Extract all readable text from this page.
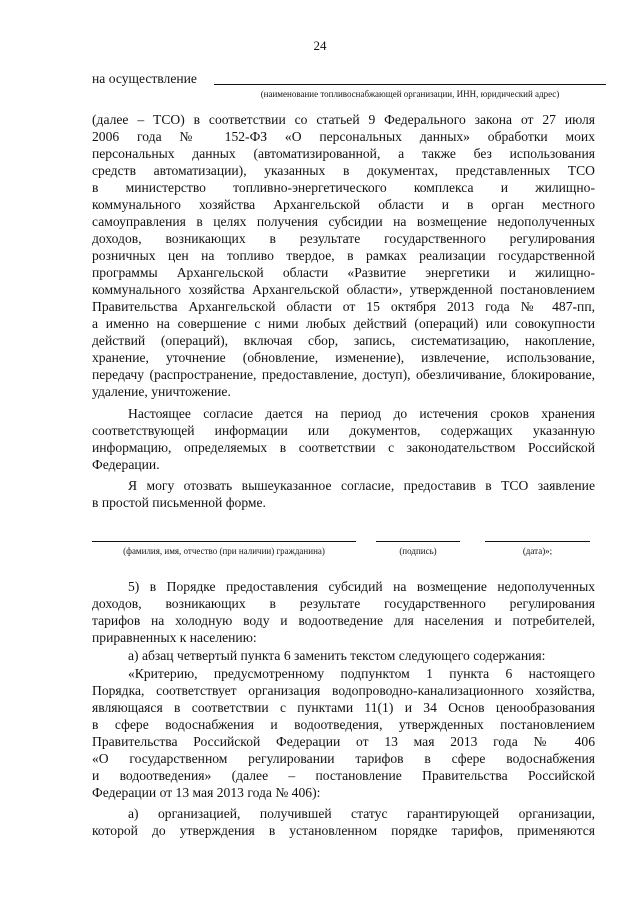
24
на осуществление
(наименование топливоснабжающей организации, ИНН, юридический адрес)
(далее – ТСО) в соответствии со статьей 9 Федерального закона от 27 июля
2006 года № 152-ФЗ «О персональных данных» обработки моих
персональных данных (автоматизированной, а также без использования
средств автоматизации), указанных в документах, представленных ТСО
в министерство топливно-энергетического комплекса и жилищно-
коммунального хозяйства Архангельской области и в орган местного
самоуправления в целях получения субсидии на возмещение недополученных
доходов, возникающих в результате государственного регулирования
розничных цен на топливо твердое, в рамках реализации государственной
программы Архангельской области «Развитие энергетики и жилищно-
коммунального хозяйства Архангельской области», утвержденной постановлением
Правительства Архангельской области от 15 октября 2013 года № 487-пп,
а именно на совершение с ними любых действий (операций) или совокупности
действий (операций), включая сбор, запись, систематизацию, накопление,
хранение, уточнение (обновление, изменение), извлечение, использование,
передачу (распространение, предоставление, доступ), обезличивание, блокирование,
удаление, уничтожение.
Настоящее согласие дается на период до истечения сроков хранения
соответствующей информации или документов, содержащих указанную
информацию, определяемых в соответствии с законодательством Российской
Федерации.
Я могу отозвать вышеуказанное согласие, предоставив в ТСО заявление
в простой письменной форме.
(фамилия, имя, отчество (при наличии) гражданина)	(подпись)	(дата)»;
5) в Порядке предоставления субсидий на возмещение недополученных
доходов, возникающих в результате государственного регулирования
тарифов на холодную воду и водоотведение для населения и потребителей,
приравненных к населению:
а) абзац четвертый пункта 6 заменить текстом следующего содержания:
«Критерию, предусмотренному подпунктом 1 пункта 6 настоящего
Порядка, соответствует организация водопроводно-канализационного хозяйства,
являющаяся в соответствии с пунктами 11(1) и 34 Основ ценообразования
в сфере водоснабжения и водоотведения, утвержденных постановлением
Правительства Российской Федерации от 13 мая 2013 года № 406
«О государственном регулировании тарифов в сфере водоснабжения
и водоотведения» (далее – постановление Правительства Российской
Федерации от 13 мая 2013 года № 406):
а) организацией, получившей статус гарантирующей организации,
которой до утверждения в установленном порядке тарифов, применяются
